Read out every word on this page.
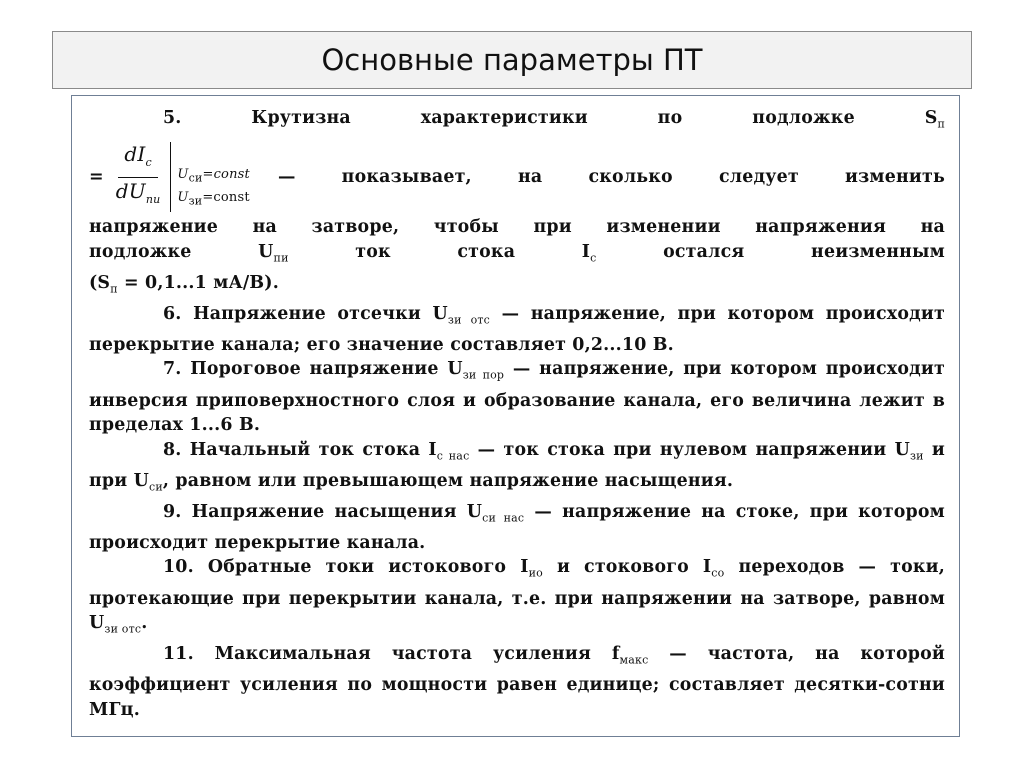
Основные параметры ПТ

5. Крутизна характеристики по подложке $S_п$

= $\frac{dI_с}{dU_{пи}}$ $U_{си}=const$
$U_{зи}=const$
— показывает, на сколько следует изменить

напряжение на затворе, чтобы при изменении напряжения на

подложке $U_{пи}$ ток стока $I_с$ остался неизменным

($S_п = 0,1...1$ мА/В).

6. Напряжение отсечки $U_{зи отс}$ — напряжение, при котором происходит перекрытие канала; его значение составляет 0,2...10 В.

7. Пороговое напряжение $U_{зи пор}$ — напряжение, при котором происходит инверсия приповерхностного слоя и образование канала, его величина лежит в пределах 1...6 В.

8. Начальный ток стока $I_{с нас}$ — ток стока при нулевом напряжении $U_{зи}$ и при $U_{си}$, равном или превышающем напряжение насыщения.

9. Напряжение насыщения $U_{си нас}$ — напряжение на стоке, при котором происходит перекрытие канала.

10. Обратные токи истокового $I_{ио}$ и стокового $I_{со}$ переходов — токи, протекающие при перекрытии канала, т.е. при напряжении на затворе, равном $U_{зи отс}$.

11. Максимальная частота усиления $f_{макс}$ — частота, на которой коэффициент усиления по мощности равен единице; составляет десятки-сотни МГц.
